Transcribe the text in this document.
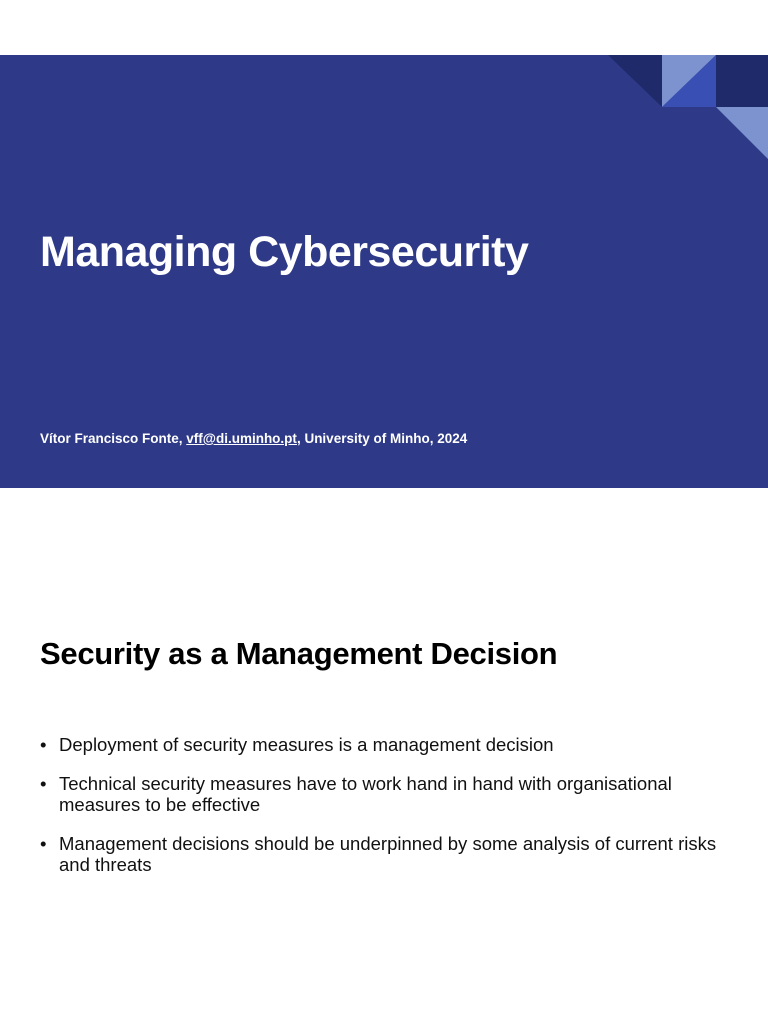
Managing Cybersecurity

Vítor Francisco Fonte, vff@di.uminho.pt, University of Minho, 2024

Security as a Management Decision
• Deployment of security measures is a management decision
• Technical security measures have to work hand in hand with organisational measures to be effective
• Management decisions should be underpinned by some analysis of current risks and threats
